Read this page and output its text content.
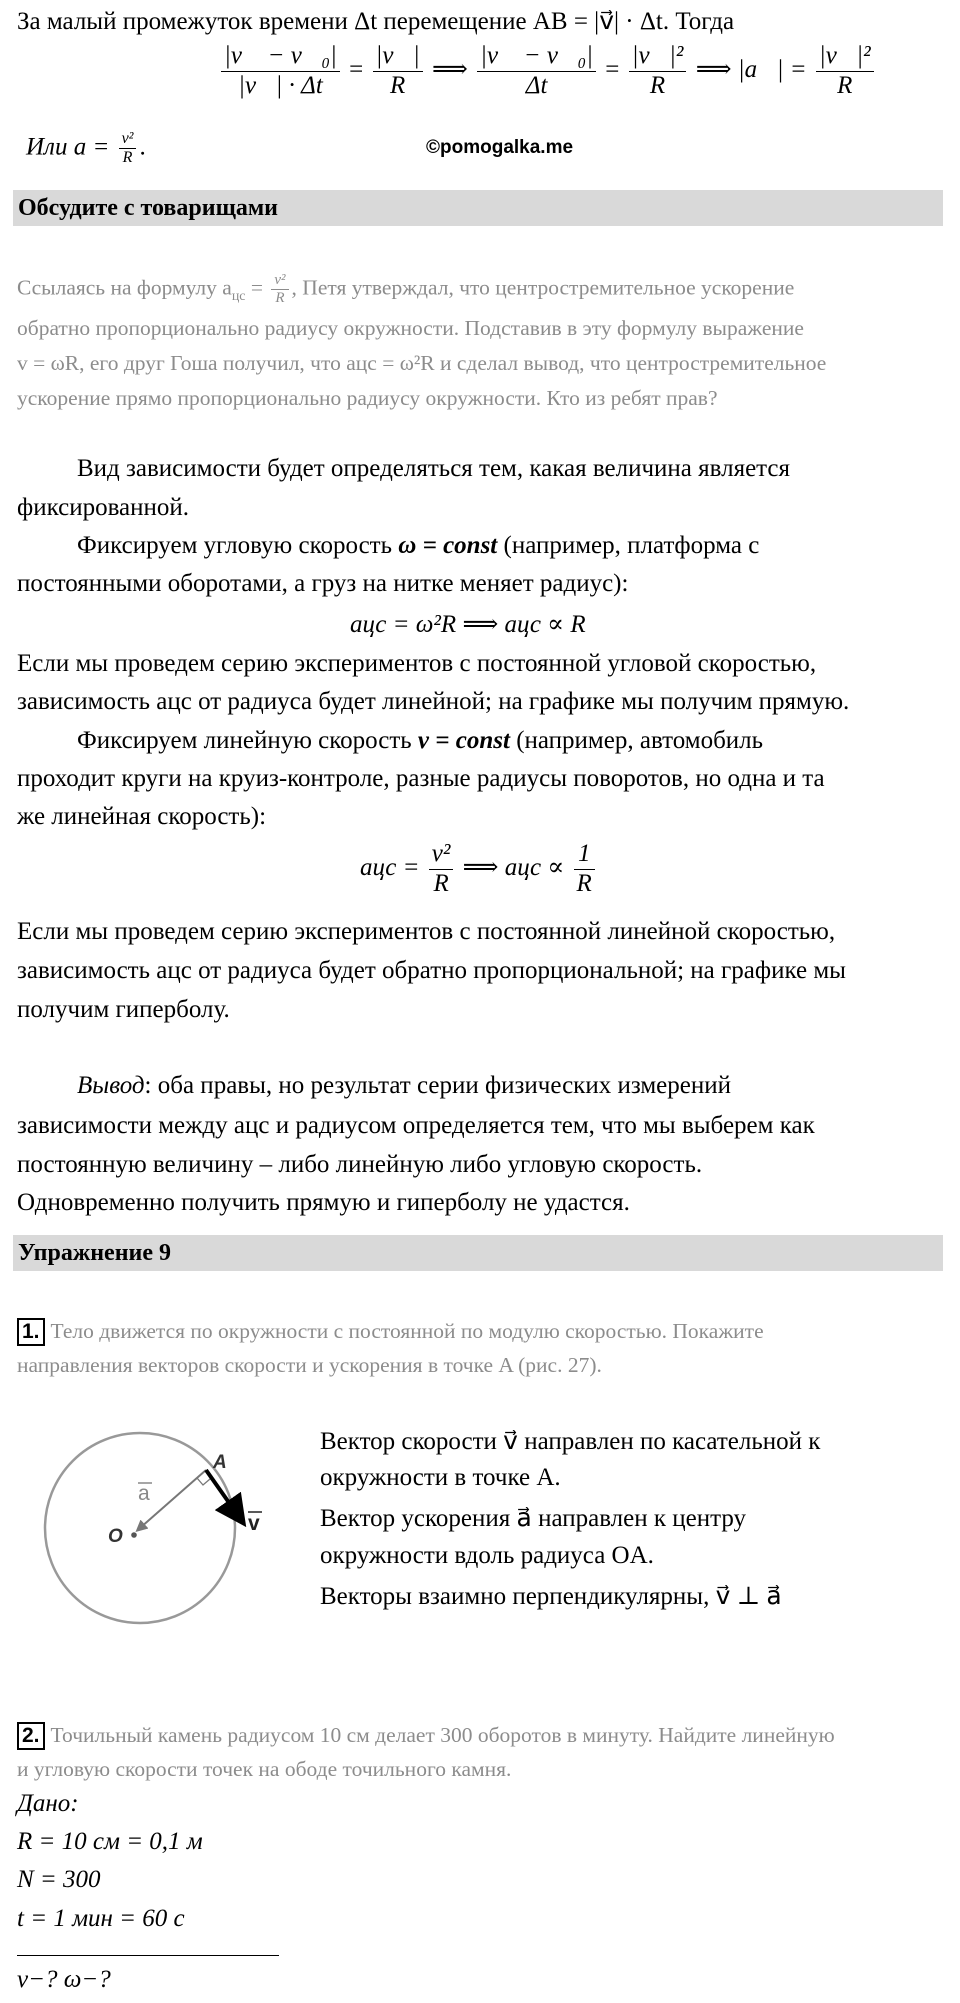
За малый промежуток времени Δt перемещение AB = |v⃗| · Δt. Тогда
$\frac{\text{|v⃗ − v⃗₀|}}{|v⃗| \cdot \Delta t} = \frac{|v⃗|}{R}$ ⟹ $\frac{\text{|v⃗ − v⃗₀|}}{\Delta t} = \frac{\text{|v⃗|²}}{R}$ ⟹ |a⃗| = $\frac{\text{|v⃗|²}}{R}$
Или $a = \frac{\text{v²}}{R}$ .	©pomogalka.me
Обсудите с товарищами
Ссылаясь на формулу $a_{цс} = \frac{\text{v²}}{R}$ , Петя утверждал, что центростремительное ускорение
обратно пропорционально радиусу окружности. Подставив в эту формулу выражение
v = ωR, его друг Гоша получил, что aцс = ω²R и сделал вывод, что центростремительное
ускорение прямо пропорционально радиусу окружности. Кто из ребят прав?
Вид зависимости будет определяться тем, какая величина является
фиксированной.
Фиксируем угловую скорость ω = const (например, платформа с
постоянными оборотами, а груз на нитке меняет радиус):
aцс = ω²R ⟹ aцс ∝ R
Если мы проведем серию экспериментов с постоянной угловой скоростью,
зависимость aцс от радиуса будет линейной; на графике мы получим прямую.
Фиксируем линейную скорость v = const (например, автомобиль
проходит круги на круиз-контроле, разные радиусы поворотов, но одна и та
же линейная скорость):
aцс = $\frac{\text{v²}}{R}$ ⟹ aцс ∝ $\frac{1}{R}$
Если мы проведем серию экспериментов с постоянной линейной скоростью,
зависимость aцс от радиуса будет обратно пропорциональной; на графике мы
получим гиперболу.
Вывод: оба правы, но результат серии физических измерений
зависимости между aцс и радиусом определяется тем, что мы выберем как
постоянную величину – либо линейную либо угловую скорость.
Одновременно получить прямую и гиперболу не удастся.
Упражнение 9
1. Тело движется по окружности с постоянной по модулю скоростью. Покажите
направления векторов скорости и ускорения в точке A (рис. 27).
A
O
a
v
Вектор скорости v⃗ направлен по касательной к
окружности в точке A.
Вектор ускорения a⃗ направлен к центру
окружности вдоль радиуса OA.
Векторы взаимно перпендикулярны, v⃗ ⊥ a⃗
2. Точильный камень радиусом 10 см делает 300 оборотов в минуту. Найдите линейную
и угловую скорости точек на ободе точильного камня.
Дано:
R = 10 см = 0,1 м
N = 300
t = 1 мин = 60 с
v−? ω−?
